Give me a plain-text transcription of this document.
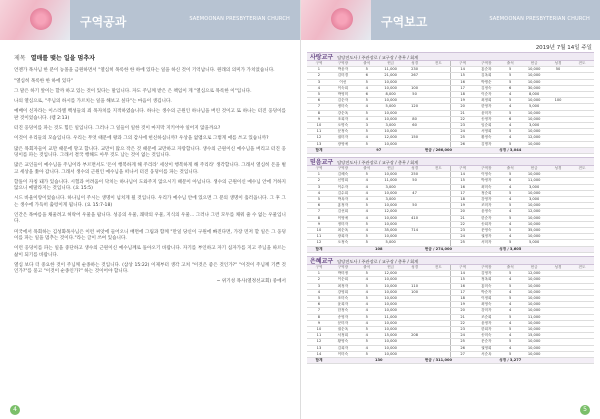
구역공과	SAEMOONAN PRESBYTERIAN CHURCH
제목 열매를 맺는 일을 멈추자

언젠가 목사님 한 분이 농몰을 금원하면서 "열심히 목록한 한 하에 있다는 일을 하신 것이 기억납니다. 원래의 의미가 가치었습니다.

"열심히 목록한 한 하에 있다"

그 말은 하기 앞이는 할까 하고 있는 것이 있다는 말입니다. 자도 주님께 받은 은 책임이 게 "열심으로 목록한 이"입니다.

나의 열심으로, "주님의 하시를 가르치는 일을 해보고 싶다"는 마음이 생깁니다.

예배이 신자라는 이스라엘 백성들의 죄 목자치를 지적하였습니다. 하나는 생수의 근원인 하나님을 버린 것이고 또 하나는 터진 웅덩이를 판 것이었습니다. (렘 2:13)

터진 웅덩이를 파는 것도 힘든 일입니다. 그러나 그 일들이 일한 것이 마지막 지키어야 일어지 않을까요?

이것이 우리들의 모습입니다. 우리는 무엇 때문에 왕과 그의 감사에 헌신하십니까? 우상을 없앰으로 그렇게 애를 쓰고 있습니까?

많은 목회자들이 교만 때문에 망고 합니다. 교만이 많으 작은 것 때문에 교만하고 자랑합니다. 생수의 근원이신 예수님을 버리고 터진 웅덩이를 파는 것입니다. 그래서 결국 행해도 아무 것도 남는 것이 없는 것입니다.

많은 교인들이 예수님을 주님이라 부르면서도 '돈이 행복하게 해 주리라' 세상이 행복하게 해 주리라' 생각합니다. 그래서 열심히 돈을 벌고 세상을 쫓아 갑니다. 그래서 생수의 근원인 예수님을 떠나서 터진 웅덩이를 파는 것입니다.

할돌이 자칭 돼가 있습니다. 시험과 어려움이 닥치는 하나님이 도와주지 않으시기 때문이 아닙니다. 생수의 근원이신 예수님 안에 거하지 않으니 메말라지는 것입니다. (요 15:5)

시드 바울이랑이었습니다. 하나님이 주시는 생명이 넘치게 될 것입니다. 우리가 예수님 안에 있으면 그 분의 생명이 흘러옵니다. 그 후 그는 생수에 가득히 출렁이게 됩니다. (요 15:7-18)

인간은 목마름을 채울려고 허락어 우물을 팝니다. 성공의 우물, 쾌락의 우물, 지식의 우물... 그러나 그런 모두를 채워 줄 수 없는 우물입니다.

미국에서 목회하는 김성화목사님은 이런 씨앗에 들어오니 배면에 그림과 함께 "만일 당신이 구원에 빠진다면, 가장 먼저 할 일은 그 웅덩이를 파는 일을 멈추는 것이다."라는 글이 쓰여 있습니다.

이런 웅덩이를 파는 일을 중단하고 생수의 근원이신 예수님께로 돌아오기 바랍니다. 자기를 부인하고 자기 십자가를 지고 주님을 따르는 삶이 되기를 바랍니다.

열심 보다 더 중요한 것이 주님께 순종하는 것입니다. (삼상 15:22) 이제부터 생각 고쳐 "이것은 좋은 것인가?" "이것이 주님께 기쁜 것인가?"를 묻고 "이것이 순종인가?" 하는 것이어야 합니다.

~ 위기성 목사(열정선교회) 중에서
4
구역보고	SAEMOONAN PRESBYTERIAN CHURCH
2019년 7월 14일 주일
사랑교구 담당전도사 / 주관장로 / 교구장 / 총무 / 회계
구역	구역장	출석	헌금	성경	전도	구역	구역장	출석	헌금	성경	전도
1	박윤자	5	11,000	230		14	홍순복	5	10,000	50	
2	김미경	6	21,000	267		15	김옥희	5	10,000		
3	이선	5	10,000			16	박명순	5	10,000		
4	이숙희	4	10,000	100		17	김정숙	6	30,000		
5	박영미	6	8,000	50		18	이순자	4	8,000		
6	김순자	5	10,000			19	최정희	5	10,000	100	
7	정미숙	4	5,000	120		20	한영자	4	5,000		
8	강순옥	5	10,000			21	윤미자	5	10,000		
9	조희자	4	10,000	80		22	송정자	6	10,000		
10	오명숙	3	3,000	60		23	임순희	4	3,000		
11	문정숙	5	10,000			24	서영희	5	10,000		
12	권미자	4	12,000	150		25	황정숙	4	12,000		
13	장영애	5	10,000			26	김명자	5	10,000		
합계		97		헌금 / 266,000			성경 / 3,044				
믿음교구 담당전도사 / 주관장로 / 교구장 / 총무 / 회계
구역	구역장	출석	헌금	성경	전도	구역	구역장	출석	헌금	성경	전도
1	김혜숙	5	10,000	250		14	이영숙	5	10,000		
2	신명희	4	11,000	50		15	박정자	6	11,000		
3	이수자	4	3,000			16	최미숙	4	3,000		
4	김수희	4	10,000	47		17	정순희	5	10,000		
5	박옥자	4	3,000			18	강영자	4	3,000		
6	홍정자	5	10,000	50		19	조미자	5	10,000		
7	김선희	4	12,000			20	윤정숙	4	12,000		
8	이영애	4	10,000	410		21	한순자	5	10,000		
9	정미자	5	10,000			22	송희자	4	10,000		
10	최순옥	4	35,000	714		23	문영숙	5	35,000		
11	장희자	5	10,000			24	권정자	4	10,000		
12	오정숙	5	5,000			25	서미자	5	5,000		
합계		108		헌금 / 274,000			성경 / 3,605				
은혜교구 담당전도사 / 주관장로 / 교구장 / 총무 / 회계
구역	구역장	출석	헌금	성경	전도	구역	구역장	출석	헌금	성경	전도
1	박미정	5	12,000			14	김영자	5	12,000		
2	이순희	4	10,000			15	정옥희	4	10,000		
3	최정자	5	10,000	110		16	홍미숙	5	10,000		
4	강영희	4	10,000	100		17	박순자	4	10,000		
5	조미숙	5	10,000			18	이정희	5	10,000		
6	윤희자	4	10,000			19	최영숙	4	10,000		
7	한정숙	4	10,000			20	강미자	4	10,000		
8	송영자	5	11,000			21	조순희	5	11,000		
9	문미자	4	10,000			22	윤정자	4	10,000		
10	권순옥	5	10,000			23	한희자	5	10,000		
11	서정희	4	15,000	208		24	송미숙	4	15,000		
12	황영숙	5	10,000			25	문순자	5	10,000		
13	김희자	4	10,000			26	권영희	4	10,000		
14	이미숙	5	10,000			27	서순옥	5	10,000		
합계		130		헌금 / 311,000			성경 / 3,277				
5
